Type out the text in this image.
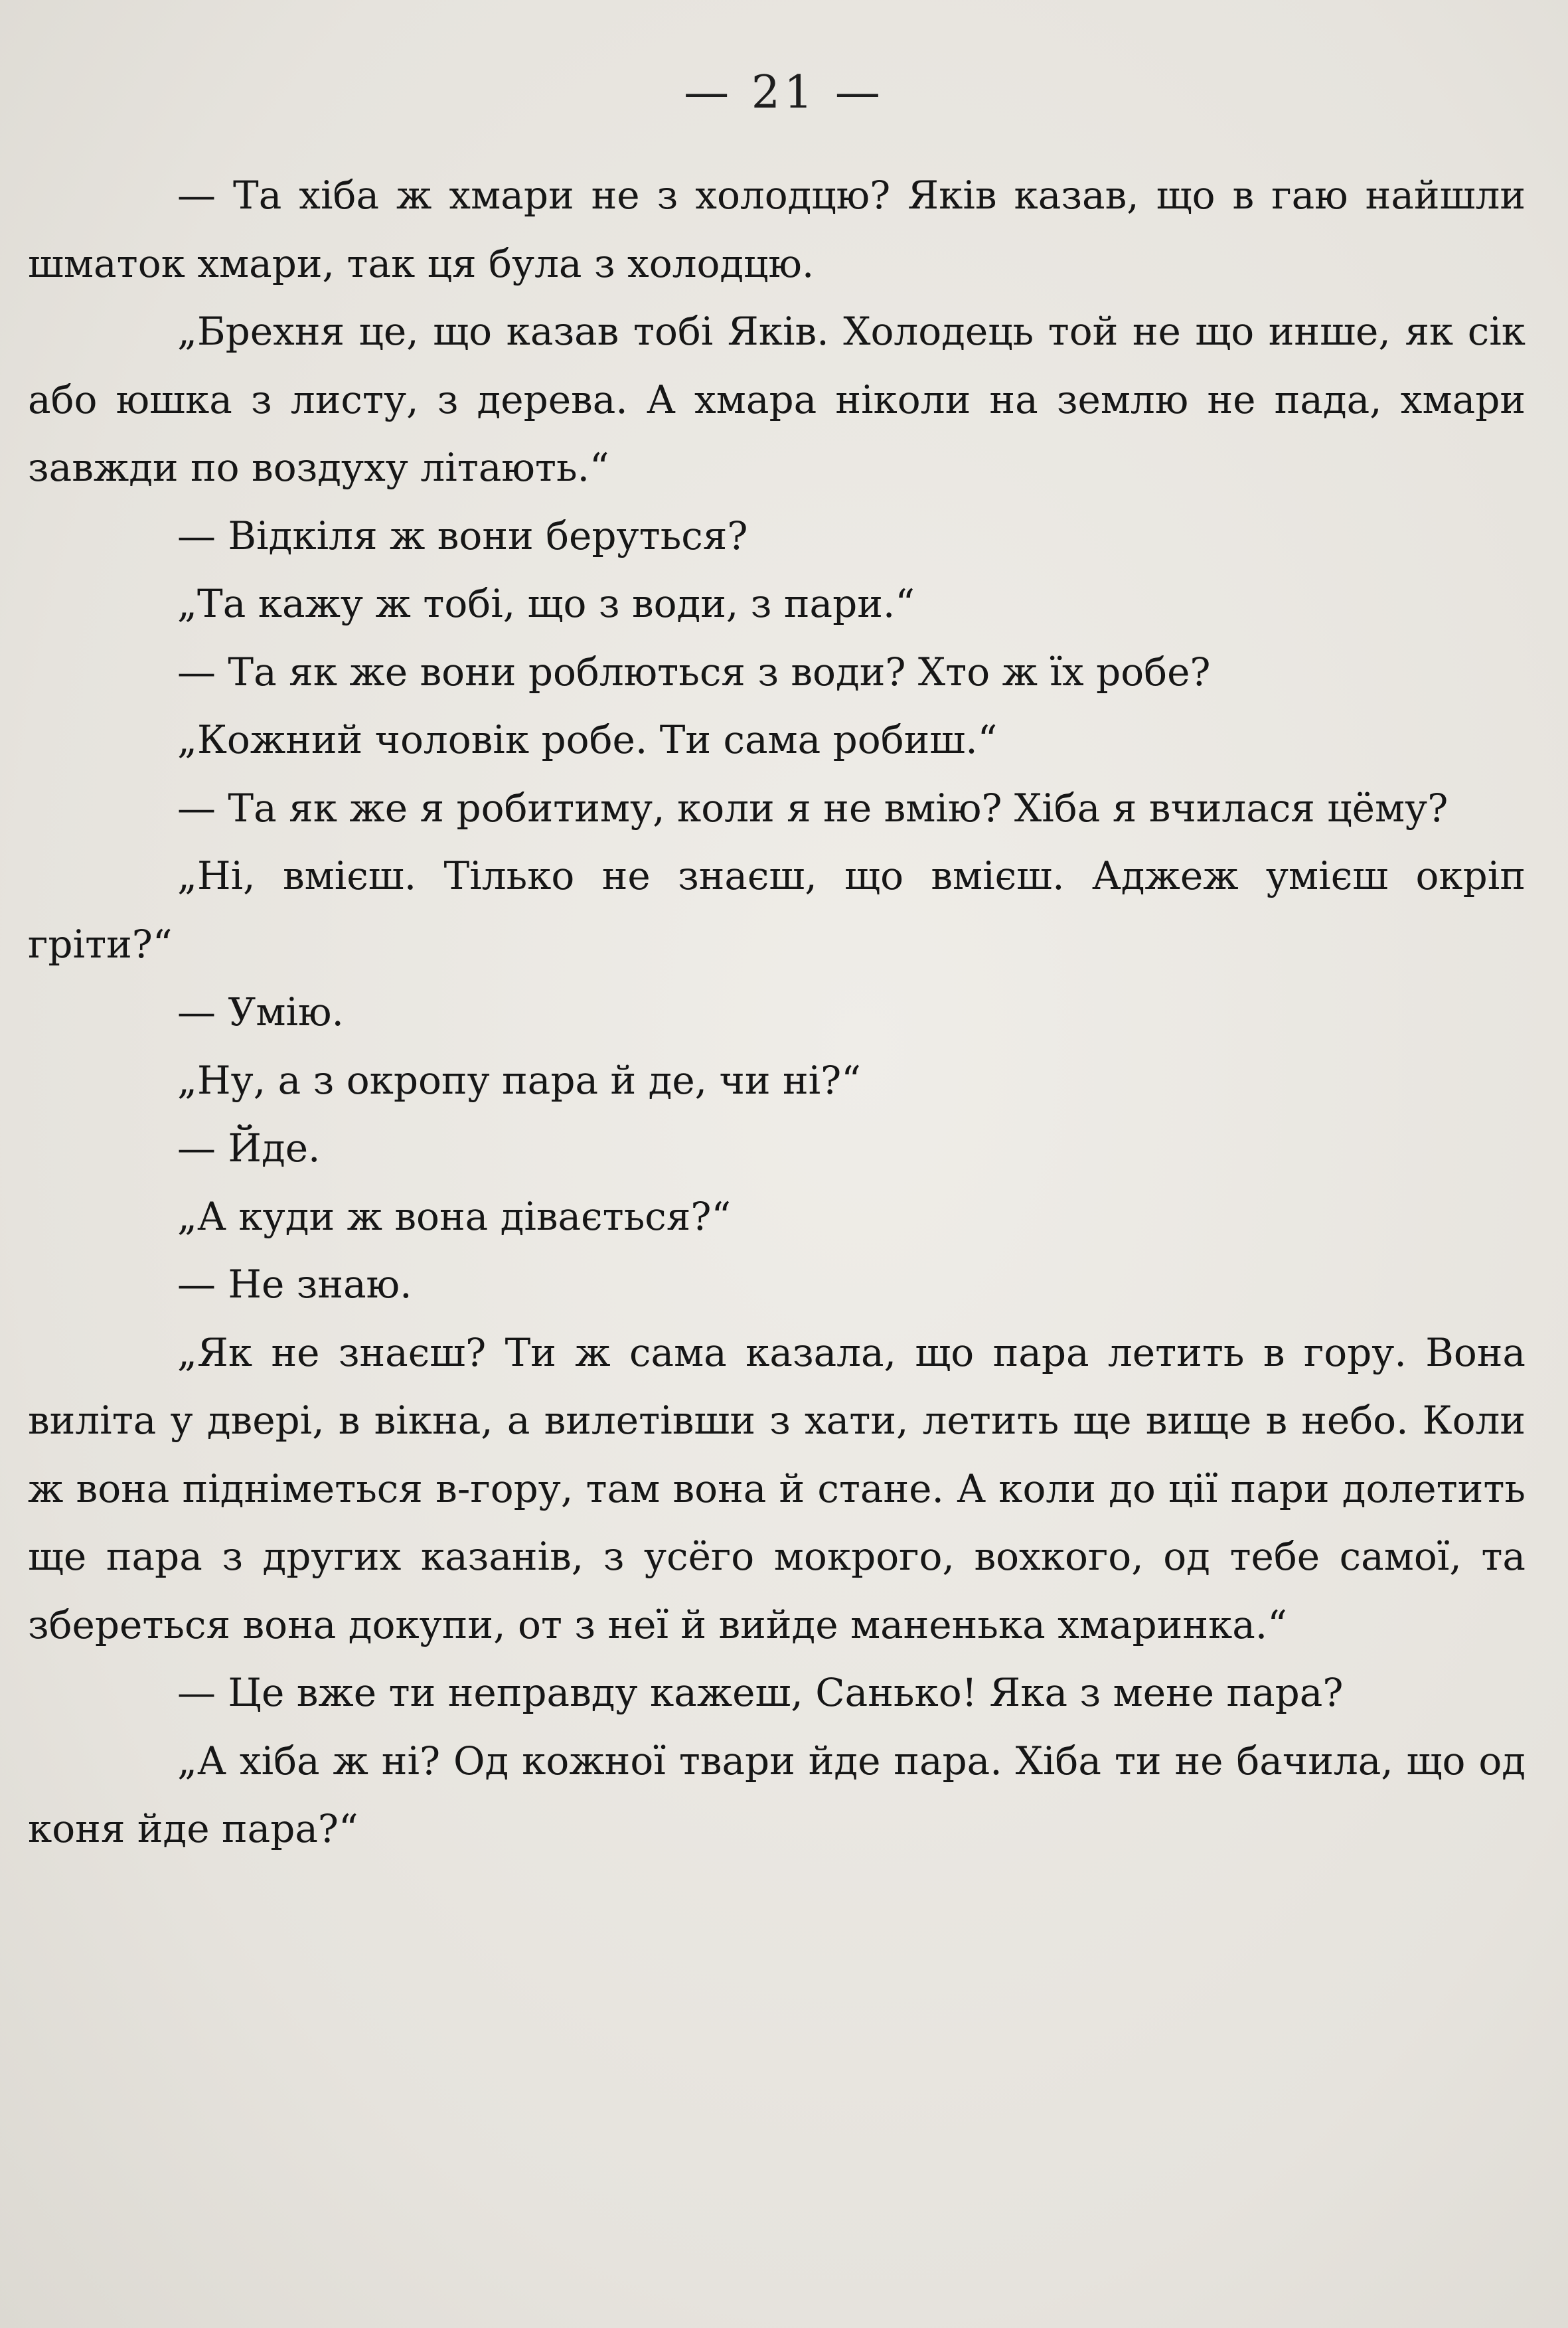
— 21 —

— Та хіба ж хмари не з холодцю? Яків казав, що в гаю найшли шматок хмари, так ця була з холодцю.

„Брехня це, що казав тобі Яків. Холодець той не що инше, як сік або юшка з листу, з дерева. А хмара ніколи на землю не пада, хмари завжди по воздуху літають.“

— Відкіля ж вони беруться?

„Та кажу ж тобі, що з води, з пари.“

— Та як же вони роблються з води? Хто ж їх робе?

„Кожний чоловік робе. Ти сама робиш.“

— Та як же я робитиму, коли я не вмію? Хіба я вчилася цёму?

„Ні, вмієш. Тілько не знаєш, що вмієш. Аджеж умієш окріп гріти?“

— Умію.

„Ну, а з окропу пара й де, чи ні?“

— Йде.

„А куди ж вона дівається?“

— Не знаю.

„Як не знаєш? Ти ж сама казала, що пара летить в гору. Вона виліта у двері, в вікна, а вилетівши з хати, летить ще вище в небо. Коли ж вона підніметься в-гору, там вона й стане. А коли до ції пари долетить ще пара з других казанів, з усёго мокрого, вохкого, од тебе самої, та збереться вона докупи, от з неї й вийде маненька хмаринка.“

— Це вже ти неправду кажеш, Санько! Яка з мене пара?

„А хіба ж ні? Од кожної твари йде пара. Хіба ти не бачила, що од коня йде пара?“
